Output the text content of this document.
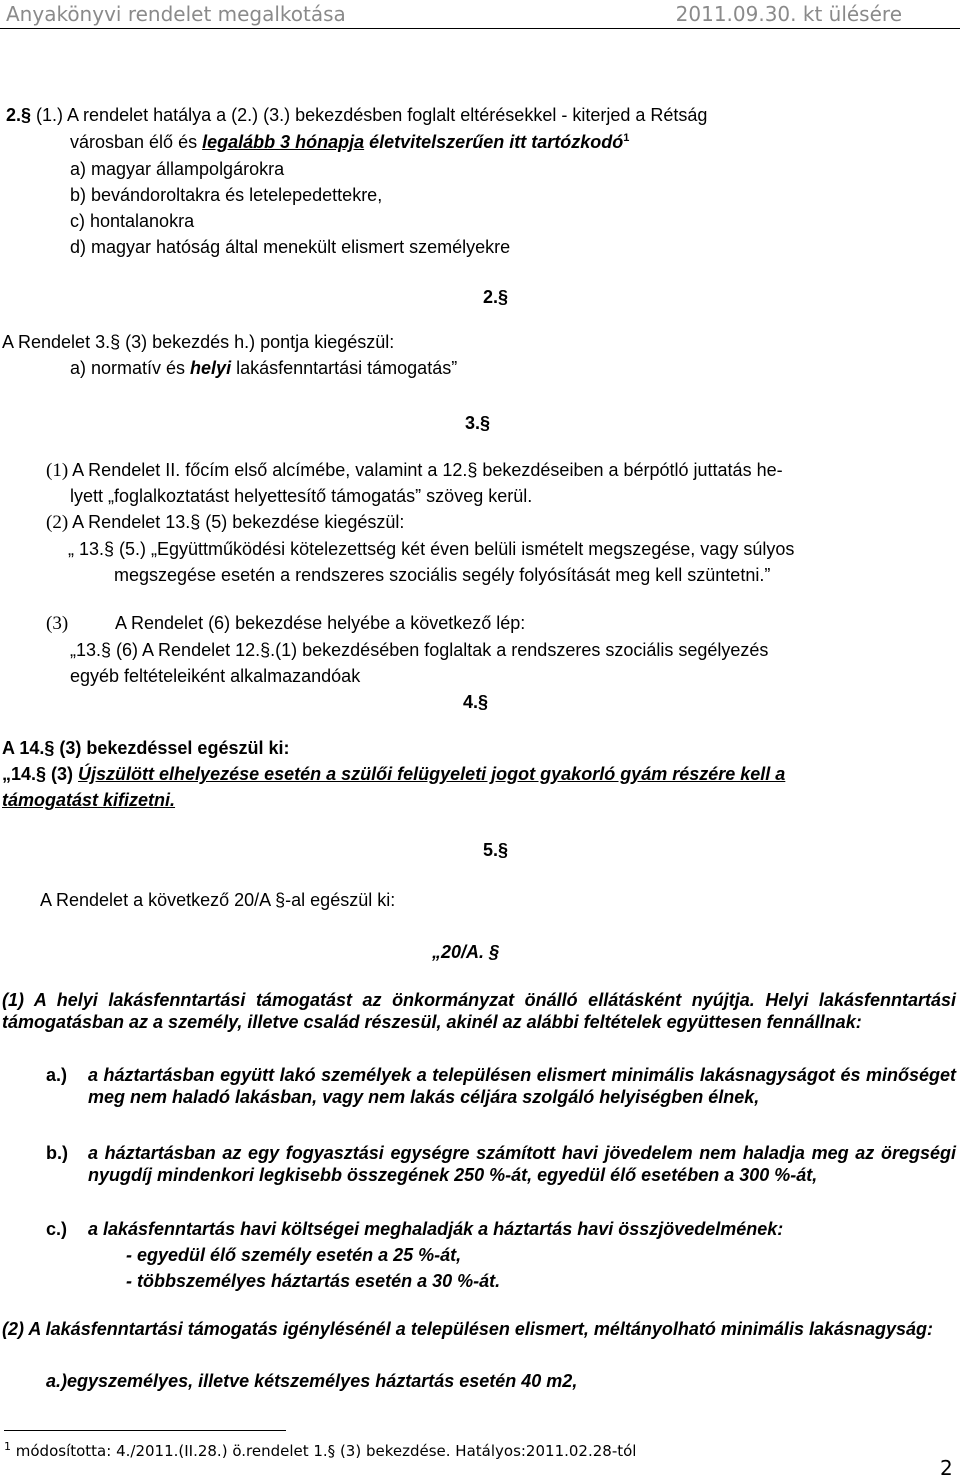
Anyakönyvi rendelet megalkotása	2011.09.30. kt ülésére
2.§ (1.) A rendelet hatálya a (2.) (3.) bekezdésben foglalt eltérésekkel - kiterjed a Rétság
városban élő és legalább 3 hónapja életvitelszerűen itt tartózkodó$^1$
a) magyar állampolgárokra
b) bevándoroltakra és letelepedettekre,
c) hontalanokra
d) magyar hatóság által menekült elismert személyekre
2.§
A Rendelet 3.§ (3) bekezdés h.) pontja kiegészül:
a) normatív és helyi lakásfenntartási támogatás”
3.§
(1) A Rendelet II. főcím első alcímébe, valamint a 12.§ bekezdéseiben a bérpótló juttatás he-
lyett „foglalkoztatást helyettesítő támogatás” szöveg kerül.
(2) A Rendelet 13.§ (5) bekezdése kiegészül:
„ 13.§ (5.) „Együttműködési kötelezettség két éven belüli ismételt megszegése, vagy súlyos
megszegése esetén a rendszeres szociális segély folyósítását meg kell szüntetni.”
(3)	A Rendelet (6) bekezdése helyébe a következő lép:
„13.§ (6) A Rendelet 12.§.(1) bekezdésében foglaltak a rendszeres szociális segélyezés
egyéb feltételeiként alkalmazandóak
4.§
A 14.§ (3) bekezdéssel egészül ki:
„14.§ (3) Újszülött elhelyezése esetén a szülői felügyeleti jogot gyakorló gyám részére kell a
támogatást kifizetni.
5.§
A Rendelet a következő 20/A §-al egészül ki:
„20/A. §
(1) A helyi lakásfenntartási támogatást az önkormányzat önálló ellátásként nyújtja. Helyi lakásfenntartási támogatásban az a személy, illetve család részesül, akinél az alábbi feltételek együttesen fennállnak:
a.) a háztartásban együtt lakó személyek a településen elismert minimális lakásnagyságot és minőséget meg nem haladó lakásban, vagy nem lakás céljára szolgáló helyiségben élnek,
b.) a háztartásban az egy fogyasztási egységre számított havi jövedelem nem haladja meg az öregségi nyugdíj mindenkori legkisebb összegének 250 %-át, egyedül élő esetében a 300 %-át,
c.) a lakásfenntartás havi költségei meghaladják a háztartás havi összjövedelmének:
- egyedül élő személy esetén a 25 %-át,
- többszemélyes háztartás esetén a 30 %-át.
(2) A lakásfenntartási támogatás igénylésénél a településen elismert, méltányolható minimális lakásnagyság:
a.)egyszemélyes, illetve kétszemélyes háztartás esetén 40 m2,
$^1$ módosította: 4./2011.(II.28.) ö.rendelet 1.§ (3) bekezdése. Hatályos:2011.02.28-tól
2
